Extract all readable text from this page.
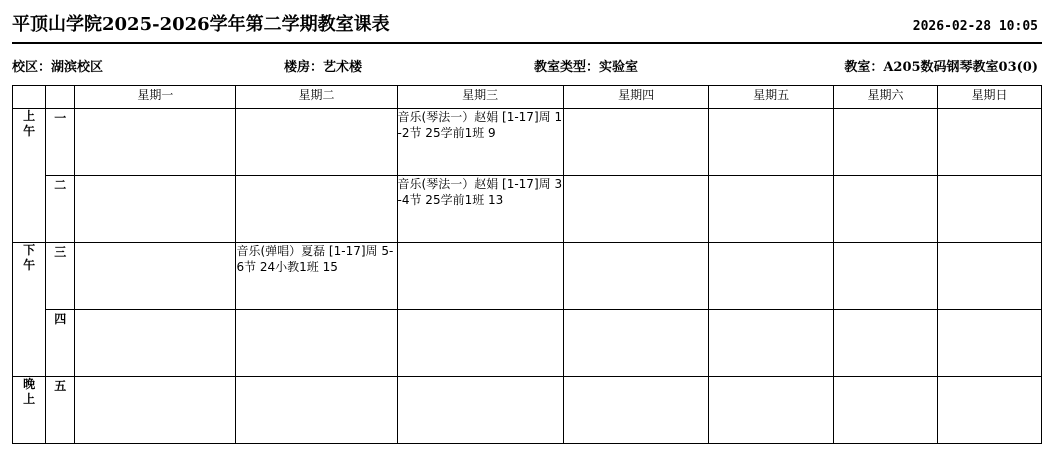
平顶山学院2025-2026学年第二学期教室课表	2026-02-28 10:05
校区：湖滨校区	楼房：艺术楼	教室类型：实验室	教室：A205数码钢琴教室03(0)
		星期一	星期二	星期三	星期四	星期五	星期六	星期日
上
午	一			音乐(琴法一）赵娟 [1-17]周 1-2节 25学前1班 9				
	二			音乐(琴法一）赵娟 [1-17]周 3-4节 25学前1班 13				
下
午	三		音乐(弹唱）夏磊 [1-17]周 5-6节 24小教1班 15					
	四							
晚
上	五							
